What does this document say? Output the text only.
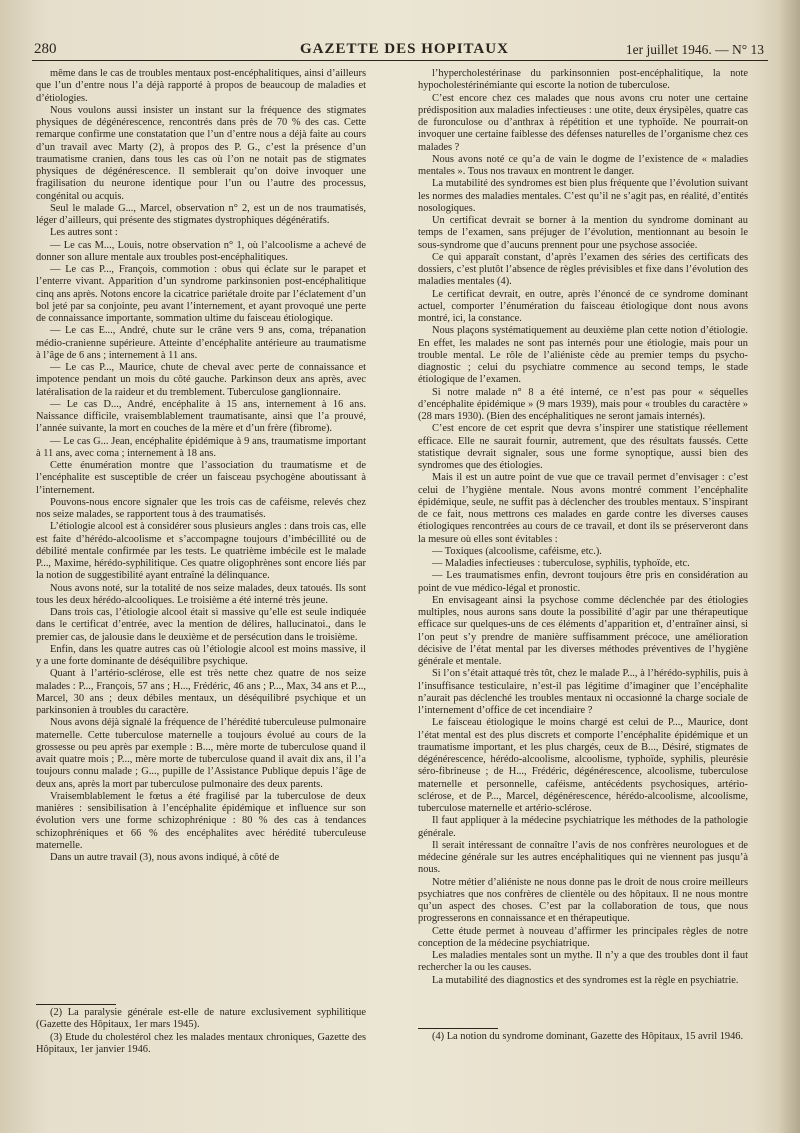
280	GAZETTE DES HOPITAUX	1er juillet 1946. — N° 13

même dans le cas de troubles mentaux post-encéphalitiques, ainsi d’ailleurs que l’un d’entre nous l’a déjà rapporté à propos de beaucoup de maladies et d’étiologies.

Nous voulons aussi insister un instant sur la fréquence des stigmates physiques de dégénérescence, rencontrés dans près de 70 % des cas. Cette remarque confirme une constatation que l’un d’entre nous a déjà faite au cours d’un travail avec Marty (2), à propos des P. G., c’est la présence d’un traumatisme cranien, dans tous les cas où l’on ne notait pas de stigmates physiques de dégénérescence. Il semblerait qu’on doive invoquer une fragilisation du neurone identique pour l’un ou l’autre des processus, congénital ou acquis.

Seul le malade G..., Marcel, observation n° 2, est un de nos traumatisés, léger d’ailleurs, qui présente des stigmates dystrophiques dégénératifs.

Les autres sont :

— Le cas M..., Louis, notre observation n° 1, où l’alcoolisme a achevé de donner son allure mentale aux troubles post-encéphalitiques.

— Le cas P..., François, commotion : obus qui éclate sur le parapet et l’enterre vivant. Apparition d’un syndrome parkinsonien post-encéphalitique cinq ans après. Notons encore la cicatrice pariétale droite par l’éclatement d’un bol jeté par sa conjointe, peu avant l’internement, et ayant provoqué une perte de connaissance importante, sommation ultime du faisceau étiologique.

— Le cas E..., André, chute sur le crâne vers 9 ans, coma, trépanation médio-cranienne supérieure. Atteinte d’encéphalite antérieure au traumatisme à l’âge de 6 ans ; internement à 11 ans.

— Le cas P..., Maurice, chute de cheval avec perte de connaissance et impotence pendant un mois du côté gauche. Parkinson deux ans après, avec latéralisation de la raideur et du tremblement. Tuberculose ganglionnaire.

— Le cas D..., André, encéphalite à 15 ans, internement à 16 ans. Naissance difficile, vraisemblablement traumatisante, ainsi que l’a prouvé, l’année suivante, la mort en couches de la mère et d’un frère (fibrome).

— Le cas G... Jean, encéphalite épidémique à 9 ans, traumatisme important à 11 ans, avec coma ; internement à 18 ans.

Cette énumération montre que l’association du traumatisme et de l’encéphalite est susceptible de créer un faisceau psychogène aboutissant à l’internement.

Pouvons-nous encore signaler que les trois cas de caféisme, relevés chez nos seize malades, se rapportent tous à des traumatisés.

L’étiologie alcool est à considérer sous plusieurs angles : dans trois cas, elle est faite d’hérédo-alcoolisme et s’accompagne toujours d’imbécillité ou de débilité mentale confirmée par les tests. Le quatrième imbécile est le malade P..., Maxime, hérédo-syphilitique. Ces quatre oligophrènes sont encore liés par la notion de suggestibilité ayant entraîné la délinquance.

Nous avons noté, sur la totalité de nos seize malades, deux tatoués. Ils sont tous les deux hérédo-alcooliques. Le troisième a été interné très jeune.

Dans trois cas, l’étiologie alcool était si massive qu’elle est seule indiquée dans le certificat d’entrée, avec la mention de délires, hallucinatoi., dans le premier cas, de jalousie dans le deuxième et de persécution dans le troisième.

Enfin, dans les quatre autres cas où l’étiologie alcool est moins massive, il y a une forte dominante de déséquilibre psychique.

Quant à l’artério-sclérose, elle est très nette chez quatre de nos seize malades : P..., François, 57 ans ; H..., Frédéric, 46 ans ; P..., Max, 34 ans et P..., Marcel, 30 ans ; deux débiles mentaux, un déséquilibré psychique et un parkinsonien à troubles du caractère.

Nous avons déjà signalé la fréquence de l’hérédité tuberculeuse pulmonaire maternelle. Cette tuberculose maternelle a toujours évolué au cours de la grossesse ou peu après par exemple : B..., mère morte de tuberculose quand il avait quatre mois ; P..., mère morte de tuberculose quand il avait dix ans, il l’a toujours connu malade ; G..., pupille de l’Assistance Publique depuis l’âge de deux ans, après la mort par tuberculose pulmonaire des deux parents.

Vraisemblablement le fœtus a été fragilisé par la tuberculose de deux manières : sensibilisation à l’encéphalite épidémique et influence sur son évolution vers une forme schizophrénique : 80 % des cas à tendances schizophréniques et 66 % des encéphalites avec hérédité tuberculeuse maternelle.

Dans un autre travail (3), nous avons indiqué, à côté de

l’hypercholestérinase du parkinsonnien post-encéphalitique, la note hypocholestérinémiante qui escorte la notion de tuberculose.

C’est encore chez ces malades que nous avons cru noter une certaine prédisposition aux maladies infectieuses : une otite, deux érysipèles, quatre cas de furonculose ou d’anthrax à répétition et une typhoïde. Ne pourrait-on invoquer une certaine faiblesse des défenses naturelles de l’organisme chez ces malades ?

Nous avons noté ce qu’a de vain le dogme de l’existence de « maladies mentales ». Tous nos travaux en montrent le danger.

La mutabilité des syndromes est bien plus fréquente que l’évolution suivant les normes des maladies mentales. C’est qu’il ne s’agit pas, en réalité, d’entités nosologiques.

Un certificat devrait se borner à la mention du syndrome dominant au temps de l’examen, sans préjuger de l’évolution, mentionnant au besoin le sous-syndrome que d’aucuns prennent pour une psychose associée.

Ce qui apparaît constant, d’après l’examen des séries des certificats des dossiers, c’est plutôt l’absence de règles prévisibles et fixe dans l’évolution des maladies mentales (4).

Le certificat devrait, en outre, après l’énoncé de ce syndrome dominant actuel, comporter l’énumération du faisceau étiologique dont nous avons montré, ici, la constance.

Nous plaçons systématiquement au deuxième plan cette notion d’étiologie. En effet, les malades ne sont pas internés pour une étiologie, mais pour un trouble mental. Le rôle de l’aliéniste cède au premier temps du psycho-diagnostic ; celui du psychiatre commence au second temps, le stade étiologique de l’examen.

Si notre malade n° 8 a été interné, ce n’est pas pour « séquelles d’encéphalite épidémique » (9 mars 1939), mais pour « troubles du caractère » (28 mars 1930). (Bien des encéphalitiques ne seront jamais internés).

C’est encore de cet esprit que devra s’inspirer une statistique réellement efficace. Elle ne saurait fournir, autrement, que des résultats faussés. Cette statistique devrait signaler, sous une forme synoptique, aussi bien des syndromes que des étiologies.

Mais il est un autre point de vue que ce travail permet d’envisager : c’est celui de l’hygiène mentale. Nous avons montré comment l’encéphalite épidémique, seule, ne suffit pas à déclencher des troubles mentaux. S’inspirant de ce fait, nous mettrons ces malades en garde contre les diverses causes étiologiques rencontrées au cours de ce travail, et dont ils se préserveront dans la mesure où elles sont évitables :

— Toxiques (alcoolisme, caféisme, etc.).

— Maladies infectieuses : tuberculose, syphilis, typhoïde, etc.

— Les traumatismes enfin, devront toujours être pris en considération au point de vue médico-légal et pronostic.

En envisageant ainsi la psychose comme déclenchée par des étiologies multiples, nous aurons sans doute la possibilité d’agir par une thérapeutique efficace sur quelques-uns de ces éléments d’apparition et, d’entraîner ainsi, si l’on peut s’y prendre de manière suffisamment précoce, une amélioration décisive de l’état mental par les diverses méthodes préventives de l’hygiène générale et mentale.

Si l’on s’était attaqué très tôt, chez le malade P..., à l’hérédo-syphilis, puis à l’insuffisance testiculaire, n’est-il pas légitime d’imaginer que l’encéphalite n’aurait pas déclenché les troubles mentaux ni occasionné la charge sociale de l’internement d’office de cet incendiaire ?

Le faisceau étiologique le moins chargé est celui de P..., Maurice, dont l’état mental est des plus discrets et comporte l’encéphalite épidémique et un traumatisme important, et les plus chargés, ceux de B..., Désiré, stigmates de dégénérescence, hérédo-alcoolisme, alcoolisme, typhoïde, syphilis, pleurésie séro-fibrineuse ; de H..., Frédéric, dégénérescence, alcoolisme, tuberculose maternelle et personnelle, caféisme, antécédents psychosiques, artério-sclérose, et de P..., Marcel, dégénérescence, hérédo-alcoolisme, alcoolisme, tuberculose maternelle et artério-sclérose.

Il faut appliquer à la médecine psychiatrique les méthodes de la pathologie générale.

Il serait intéressant de connaître l’avis de nos confrères neurologues et de médecine générale sur les autres encéphalitiques qui ne viennent pas jusqu’à nous.

Notre métier d’aliéniste ne nous donne pas le droit de nous croire meilleurs psychiatres que nos confrères de clientèle ou des hôpitaux. Il ne nous montre qu’un aspect des choses. C’est par la collaboration de tous, que nous progresserons en connaissance et en thérapeutique.

Cette étude permet à nouveau d’affirmer les principales règles de notre conception de la médecine psychiatrique.

Les maladies mentales sont un mythe. Il n’y a que des troubles dont il faut rechercher la ou les causes.

La mutabilité des diagnostics et des syndromes est la règle en psychiatrie.

(2) La paralysie générale est-elle de nature exclusivement syphilitique (Gazette des Hôpitaux, 1er mars 1945).

(3) Etude du cholestérol chez les malades mentaux chroniques, Gazette des Hôpitaux, 1er janvier 1946.

(4) La notion du syndrome dominant, Gazette des Hôpitaux, 15 avril 1946.
